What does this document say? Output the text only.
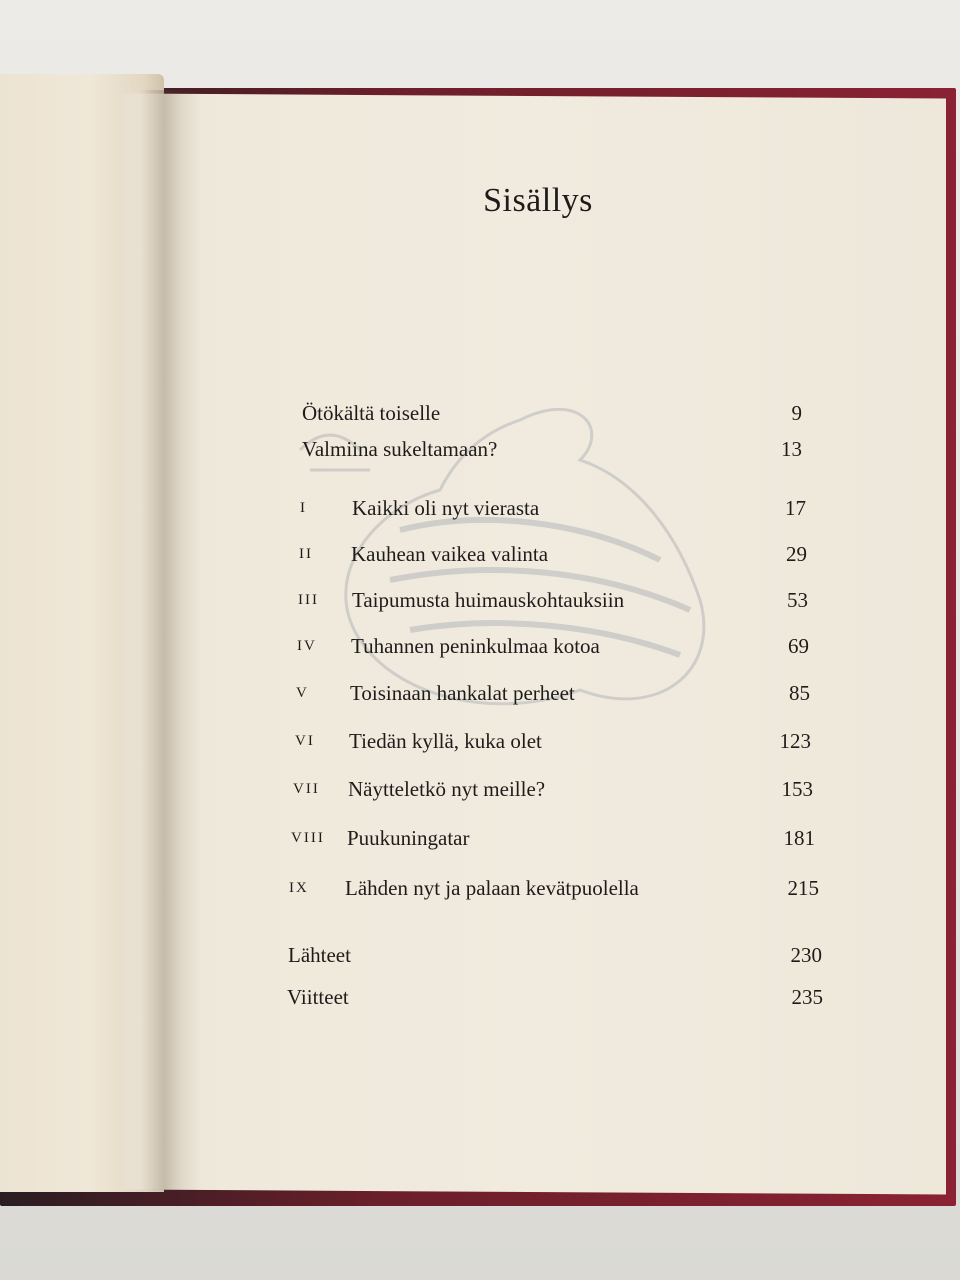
Sisällys
Ötökältä toiselle	9
Valmiina sukeltamaan?	13
I Kaikki oli nyt vierasta	17
II Kauhean vaikea valinta	29
III Taipumusta huimauskohtauksiin	53
IV Tuhannen peninkulmaa kotoa	69
V Toisinaan hankalat perheet	85
VI Tiedän kyllä, kuka olet	123
VII Näytteletkö nyt meille?	153
VIII Puukuningatar	181
IX Lähden nyt ja palaan kevätpuolella	215
Lähteet	230
Viitteet	235
